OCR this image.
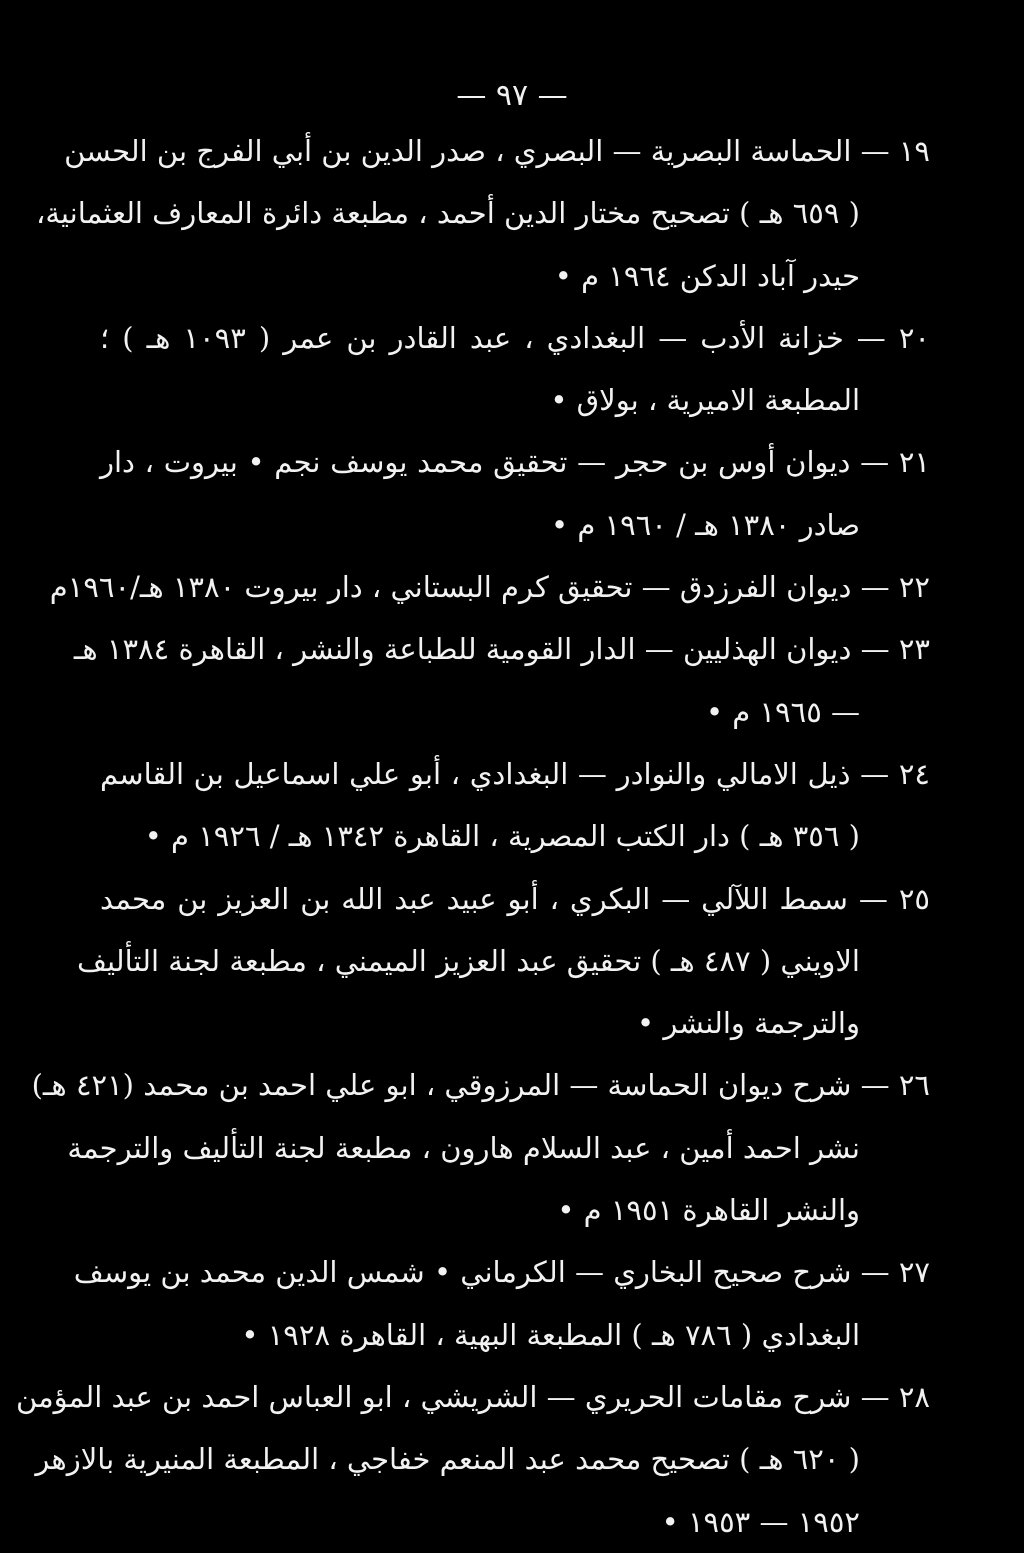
— ٩٧ —
١٩ — الحماسة البصرية — البصري ، صدر الدين بن أبي الفرج بن الحسن
( ٦٥٩ هـ ) تصحيح مختار الدين أحمد ، مطبعة دائرة المعارف العثمانية،
حيدر آباد الدكن ١٩٦٤ م •
٢٠ — خزانة الأدب — البغدادي ، عبد القادر بن عمر ( ١٠٩٣ هـ ) ؛
المطبعة الاميرية ، بولاق •
٢١ — ديوان أوس بن حجر — تحقيق محمد يوسف نجم • بيروت ، دار
صادر ١٣٨٠ هـ / ١٩٦٠ م •
٢٢ — ديوان الفرزدق — تحقيق كرم البستاني ، دار بيروت ١٣٨٠ هـ/١٩٦٠م
٢٣ — ديوان الهذليين — الدار القومية للطباعة والنشر ، القاهرة ١٣٨٤ هـ
— ١٩٦٥ م •
٢٤ — ذيل الامالي والنوادر — البغدادي ، أبو علي اسماعيل بن القاسم
( ٣٥٦ هـ ) دار الكتب المصرية ، القاهرة ١٣٤٢ هـ / ١٩٢٦ م •
٢٥ — سمط اللآلي — البكري ، أبو عبيد عبد الله بن العزيز بن محمد
الاويني ( ٤٨٧ هـ ) تحقيق عبد العزيز الميمني ، مطبعة لجنة التأليف
والترجمة والنشر •
٢٦ — شرح ديوان الحماسة — المرزوقي ، ابو علي احمد بن محمد (٤٢١ هـ)
نشر احمد أمين ، عبد السلام هارون ، مطبعة لجنة التأليف والترجمة
والنشر القاهرة ١٩٥١ م •
٢٧ — شرح صحيح البخاري — الكرماني • شمس الدين محمد بن يوسف
البغدادي ( ٧٨٦ هـ ) المطبعة البهية ، القاهرة ١٩٢٨ •
٢٨ — شرح مقامات الحريري — الشريشي ، ابو العباس احمد بن عبد المؤمن
( ٦٢٠ هـ ) تصحيح محمد عبد المنعم خفاجي ، المطبعة المنيرية بالازهر
١٩٥٢ — ١٩٥٣ •
